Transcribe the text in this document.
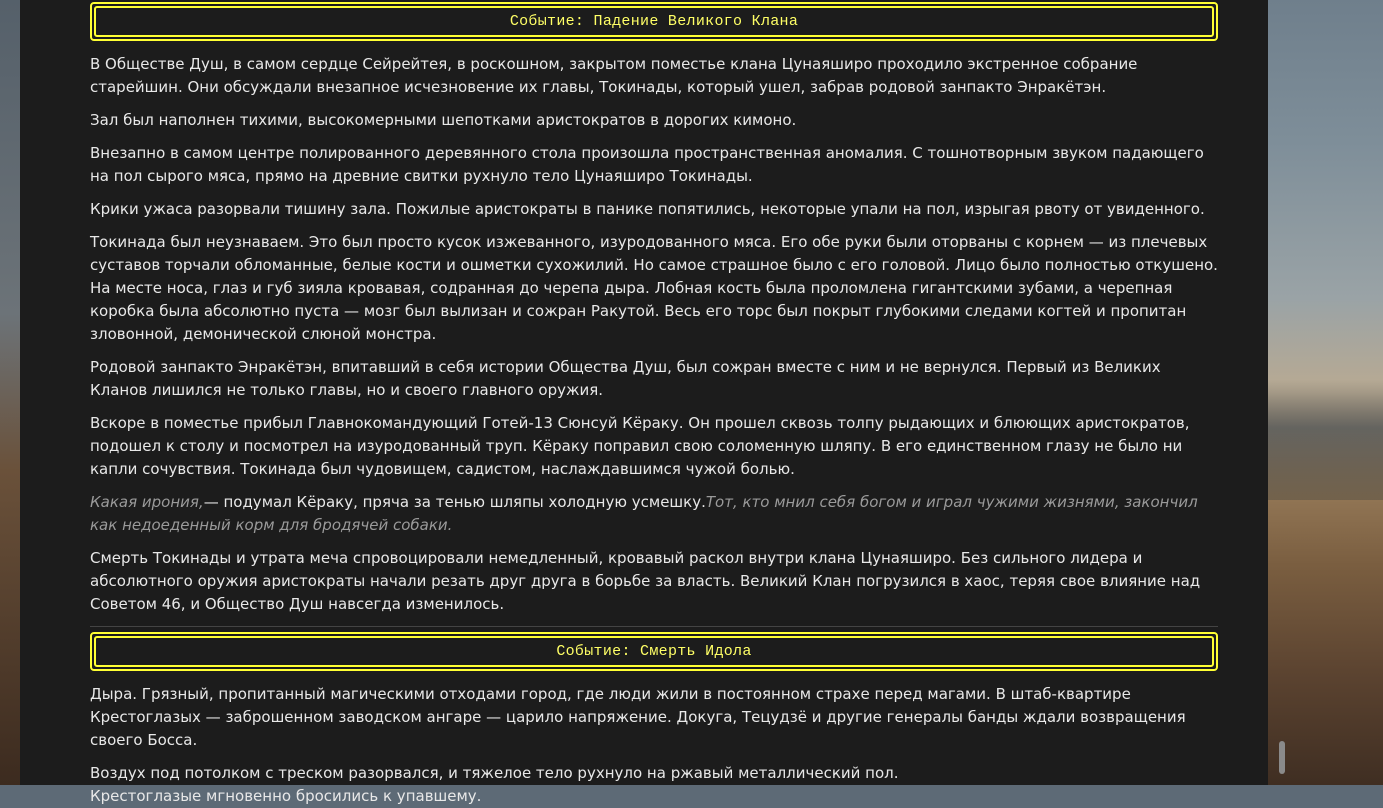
Событие: Падение Великого Клана

В Обществе Душ, в самом сердце Сейрейтея, в роскошном, закрытом поместье клана Цунаяширо проходило экстренное собрание старейшин. Они обсуждали внезапное исчезновение их главы, Токинады, который ушел, забрав родовой занпакто Энракётэн.

Зал был наполнен тихими, высокомерными шепотками аристократов в дорогих кимоно.

Внезапно в самом центре полированного деревянного стола произошла пространственная аномалия. С тошнотворным звуком падающего на пол сырого мяса, прямо на древние свитки рухнуло тело Цунаяширо Токинады.

Крики ужаса разорвали тишину зала. Пожилые аристократы в панике попятились, некоторые упали на пол, изрыгая рвоту от увиденного.

Токинада был неузнаваем. Это был просто кусок изжеванного, изуродованного мяса. Его обе руки были оторваны с корнем — из плечевых суставов торчали обломанные, белые кости и ошметки сухожилий. Но самое страшное было с его головой. Лицо было полностью откушено. На месте носа, глаз и губ зияла кровавая, содранная до черепа дыра. Лобная кость была проломлена гигантскими зубами, а черепная коробка была абсолютно пуста — мозг был вылизан и сожран Ракутой. Весь его торс был покрыт глубокими следами когтей и пропитан зловонной, демонической слюной монстра.

Родовой занпакто Энракётэн, впитавший в себя истории Общества Душ, был сожран вместе с ним и не вернулся. Первый из Великих Кланов лишился не только главы, но и своего главного оружия.

Вскоре в поместье прибыл Главнокомандующий Готей-13 Сюнсуй Кёраку. Он прошел сквозь толпу рыдающих и блюющих аристократов, подошел к столу и посмотрел на изуродованный труп. Кёраку поправил свою соломенную шляпу. В его единственном глазу не было ни капли сочувствия. Токинада был чудовищем, садистом, наслаждавшимся чужой болью.

Какая ирония,— подумал Кёраку, пряча за тенью шляпы холодную усмешку.Тот, кто мнил себя богом и играл чужими жизнями, закончил как недоеденный корм для бродячей собаки.

Смерть Токинады и утрата меча спровоцировали немедленный, кровавый раскол внутри клана Цунаяширо. Без сильного лидера и абсолютного оружия аристократы начали резать друг друга в борьбе за власть. Великий Клан погрузился в хаос, теряя свое влияние над Советом 46, и Общество Душ навсегда изменилось.

Событие: Смерть Идола

Дыра. Грязный, пропитанный магическими отходами город, где люди жили в постоянном страхе перед магами. В штаб-квартире Крестоглазых — заброшенном заводском ангаре — царило напряжение. Докуга, Тецудзё и другие генералы банды ждали возвращения своего Босса.

Воздух под потолком с треском разорвался, и тяжелое тело рухнуло на ржавый металлический пол.
Крестоглазые мгновенно бросились к упавшему.
